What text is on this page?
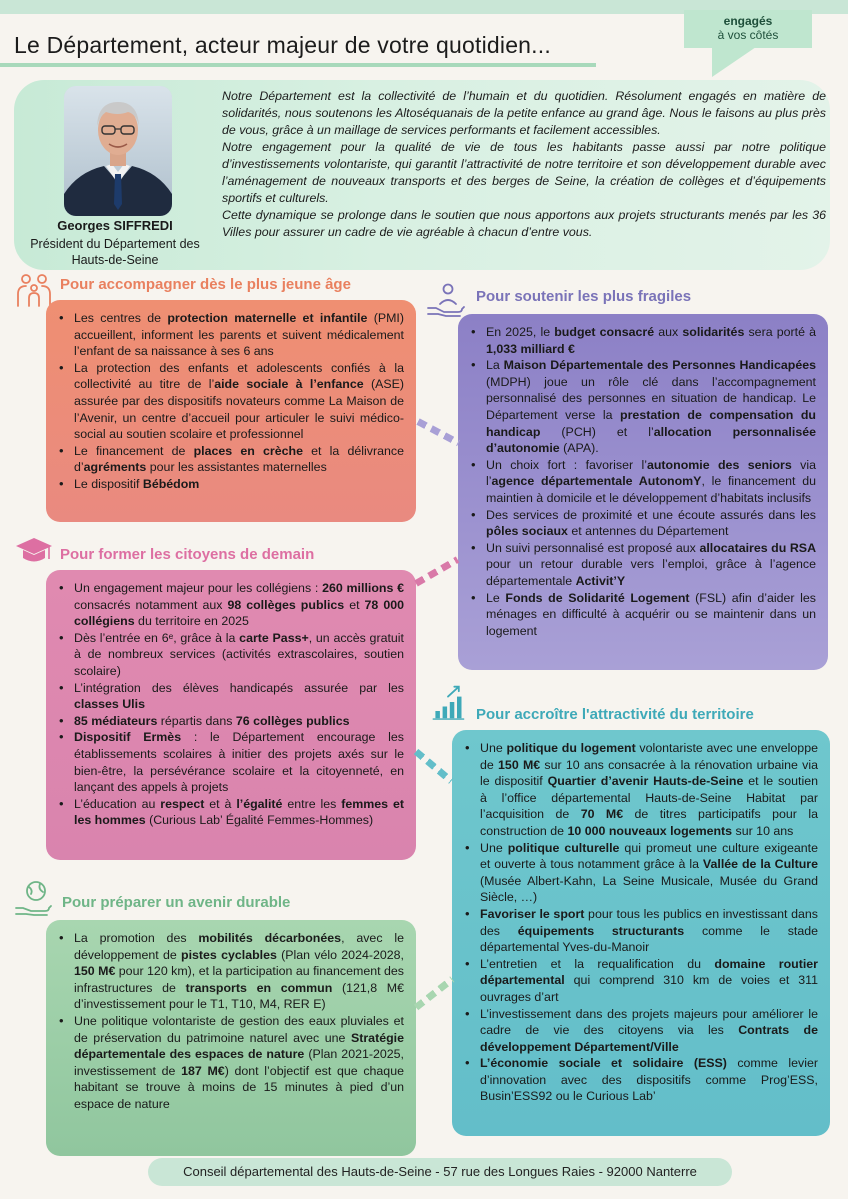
Le Département, acteur majeur de votre quotidien...
engagés
à vos côtés
Georges SIFFREDI
Président du Département des Hauts-de-Seine

Notre Département est la collectivité de l’humain et du quotidien. Résolument engagés en matière de solidarités, nous soutenons les Altoséquanais de la petite enfance au grand âge. Nous le faisons au plus près de vous, grâce à un maillage de services performants et facilement accessibles.

Notre engagement pour la qualité de vie de tous les habitants passe aussi par notre politique d’investissements volontariste, qui garantit l’attractivité de notre territoire et son développement durable avec l’aménagement de nouveaux transports et des berges de Seine, la création de collèges et d’équipements sportifs et culturels.

Cette dynamique se prolonge dans le soutien que nous apportons aux projets structurants menés par les 36 Villes pour assurer un cadre de vie agréable à chacun d’entre vous.

Pour accompagner dès le plus jeune âge
• Les centres de protection maternelle et infantile (PMI) accueillent, informent les parents et suivent médicalement l’enfant de sa naissance à ses 6 ans
• La protection des enfants et adolescents confiés à la collectivité au titre de l’aide sociale à l’enfance (ASE) assurée par des dispositifs novateurs comme La Maison de l’Avenir, un centre d’accueil pour articuler le suivi médico-social au soutien scolaire et professionnel
• Le financement de places en crèche et la délivrance d’agréments pour les assistantes maternelles
• Le dispositif Bébédom
Pour soutenir les plus fragiles
• En 2025, le budget consacré aux solidarités sera porté à 1,033 milliard €
• La Maison Départementale des Personnes Handicapées (MDPH) joue un rôle clé dans l’accompagnement personnalisé des personnes en situation de handicap. Le Département verse la prestation de compensation du handicap (PCH) et l’allocation personnalisée d’autonomie (APA).
• Un choix fort : favoriser l’autonomie des seniors via l’agence départementale AutonomY, le financement du maintien à domicile et le développement d’habitats inclusifs
• Des services de proximité et une écoute assurés dans les pôles sociaux et antennes du Département
• Un suivi personnalisé est proposé aux allocataires du RSA pour un retour durable vers l’emploi, grâce à l’agence départementale Activit’Y
• Le Fonds de Solidarité Logement (FSL) afin d’aider les ménages en difficulté à acquérir ou se maintenir dans un logement
Pour former les citoyens de demain
• Un engagement majeur pour les collégiens : 260 millions € consacrés notamment aux 98 collèges publics et 78 000 collégiens du territoire en 2025
• Dès l’entrée en 6ᵉ, grâce à la carte Pass+, un accès gratuit à de nombreux services (activités extrascolaires, soutien scolaire)
• L’intégration des élèves handicapés assurée par les classes Ulis
• 85 médiateurs répartis dans 76 collèges publics
• Dispositif Ermès : le Département encourage les établissements scolaires à initier des projets axés sur le bien-être, la persévérance scolaire et la citoyenneté, en lançant des appels à projets
• L’éducation au respect et à l’égalité entre les femmes et les hommes (Curious Lab’ Égalité Femmes-Hommes)
Pour accroître l'attractivité du territoire
• Une politique du logement volontariste avec une enveloppe de 150 M€ sur 10 ans consacrée à la rénovation urbaine via le dispositif Quartier d’avenir Hauts-de-Seine et le soutien à l’office départemental Hauts-de-Seine Habitat par l’acquisition de 70 M€ de titres participatifs pour la construction de 10 000 nouveaux logements sur 10 ans
• Une politique culturelle qui promeut une culture exigeante et ouverte à tous notamment grâce à la Vallée de la Culture (Musée Albert-Kahn, La Seine Musicale, Musée du Grand Siècle, …)
• Favoriser le sport pour tous les publics en investissant dans des équipements structurants comme le stade départemental Yves-du-Manoir
• L’entretien et la requalification du domaine routier départemental qui comprend 310 km de voies et 311 ouvrages d’art
• L’investissement dans des projets majeurs pour améliorer le cadre de vie des citoyens via les Contrats de développement Département/Ville
• L’économie sociale et solidaire (ESS) comme levier d’innovation avec des dispositifs comme Prog’ESS, Busin’ESS92 ou le Curious Lab’
Pour préparer un avenir durable
• La promotion des mobilités décarbonées, avec le développement de pistes cyclables (Plan vélo 2024-2028, 150 M€ pour 120 km), et la participation au financement des infrastructures de transports en commun (121,8 M€ d’investissement pour le T1, T10, M4, RER E)
• Une politique volontariste de gestion des eaux pluviales et de préservation du patrimoine naturel avec une Stratégie départementale des espaces de nature (Plan 2021-2025, investissement de 187 M€) dont l’objectif est que chaque habitant se trouve à moins de 15 minutes à pied d’un espace de nature
Conseil départemental des Hauts-de-Seine - 57 rue des Longues Raies - 92000 Nanterre
